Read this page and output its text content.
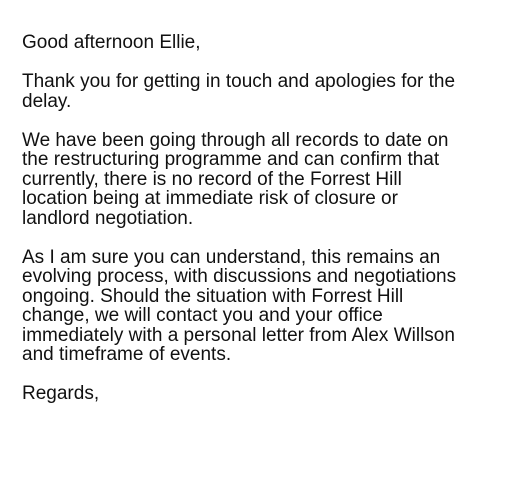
Good afternoon Ellie,

Thank you for getting in touch and apologies for the
delay.

We have been going through all records to date on
the restructuring programme and can confirm that
currently, there is no record of the Forrest Hill
location being at immediate risk of closure or
landlord negotiation.

As I am sure you can understand, this remains an
evolving process, with discussions and negotiations
ongoing. Should the situation with Forrest Hill
change, we will contact you and your office
immediately with a personal letter from Alex Willson
and timeframe of events.

Regards,
